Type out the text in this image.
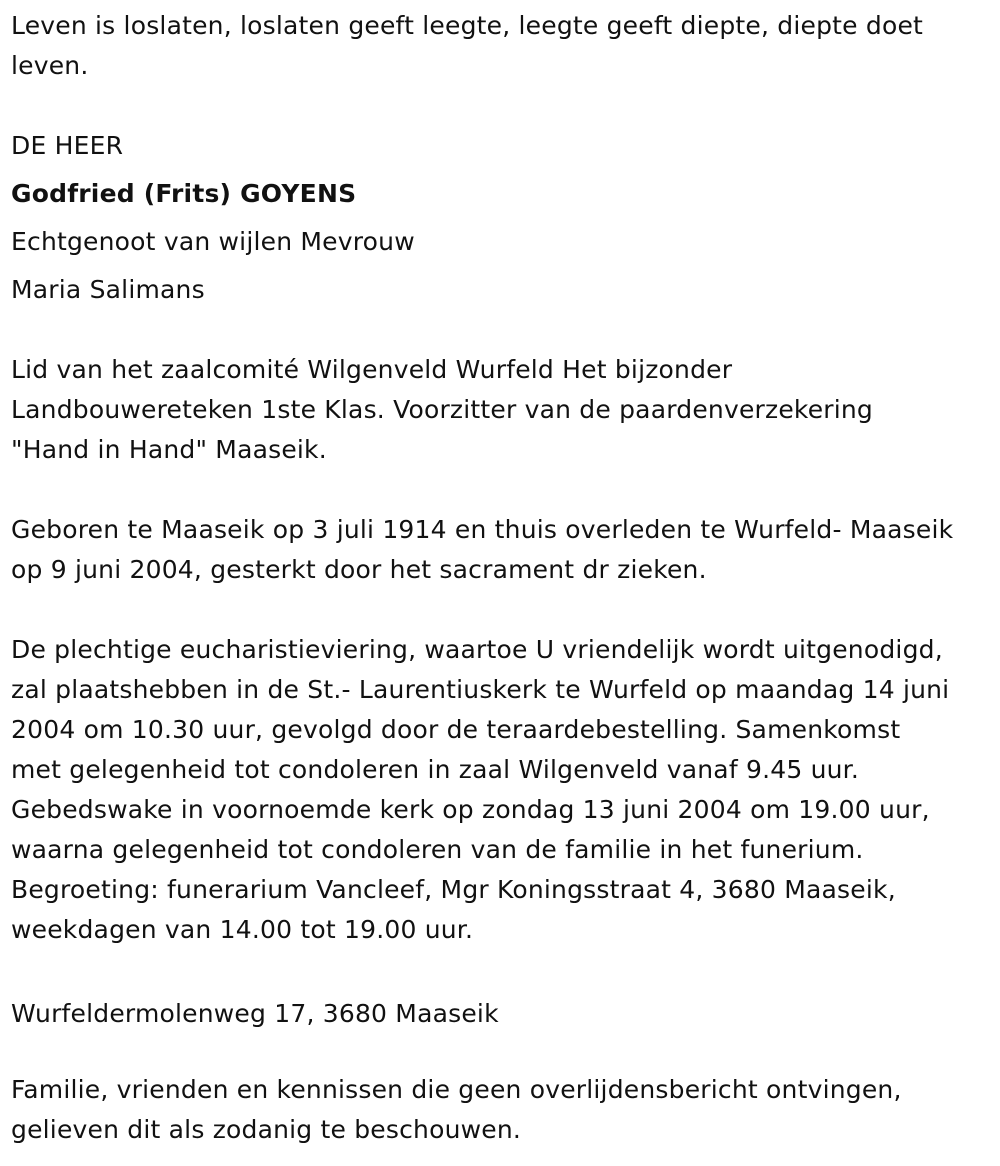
Leven is loslaten, loslaten geeft leegte, leegte geeft diepte, diepte doet

leven.

DE HEER

Godfried (Frits) GOYENS

Echtgenoot van wijlen Mevrouw

Maria Salimans

Lid van het zaalcomité Wilgenveld Wurfeld Het bijzonder

Landbouwereteken 1ste Klas. Voorzitter van de paardenverzekering

"Hand in Hand" Maaseik.

Geboren te Maaseik op 3 juli 1914 en thuis overleden te Wurfeld- Maaseik

op 9 juni 2004, gesterkt door het sacrament dr zieken.

De plechtige eucharistieviering, waartoe U vriendelijk wordt uitgenodigd,

zal plaatshebben in de St.- Laurentiuskerk te Wurfeld op maandag 14 juni

2004 om 10.30 uur, gevolgd door de teraardebestelling. Samenkomst

met gelegenheid tot condoleren in zaal Wilgenveld vanaf 9.45 uur.

Gebedswake in voornoemde kerk op zondag 13 juni 2004 om 19.00 uur,

waarna gelegenheid tot condoleren van de familie in het funerium.

Begroeting: funerarium Vancleef, Mgr Koningsstraat 4, 3680 Maaseik,

weekdagen van 14.00 tot 19.00 uur.

Wurfeldermolenweg 17, 3680 Maaseik

Familie, vrienden en kennissen die geen overlijdensbericht ontvingen,

gelieven dit als zodanig te beschouwen.
